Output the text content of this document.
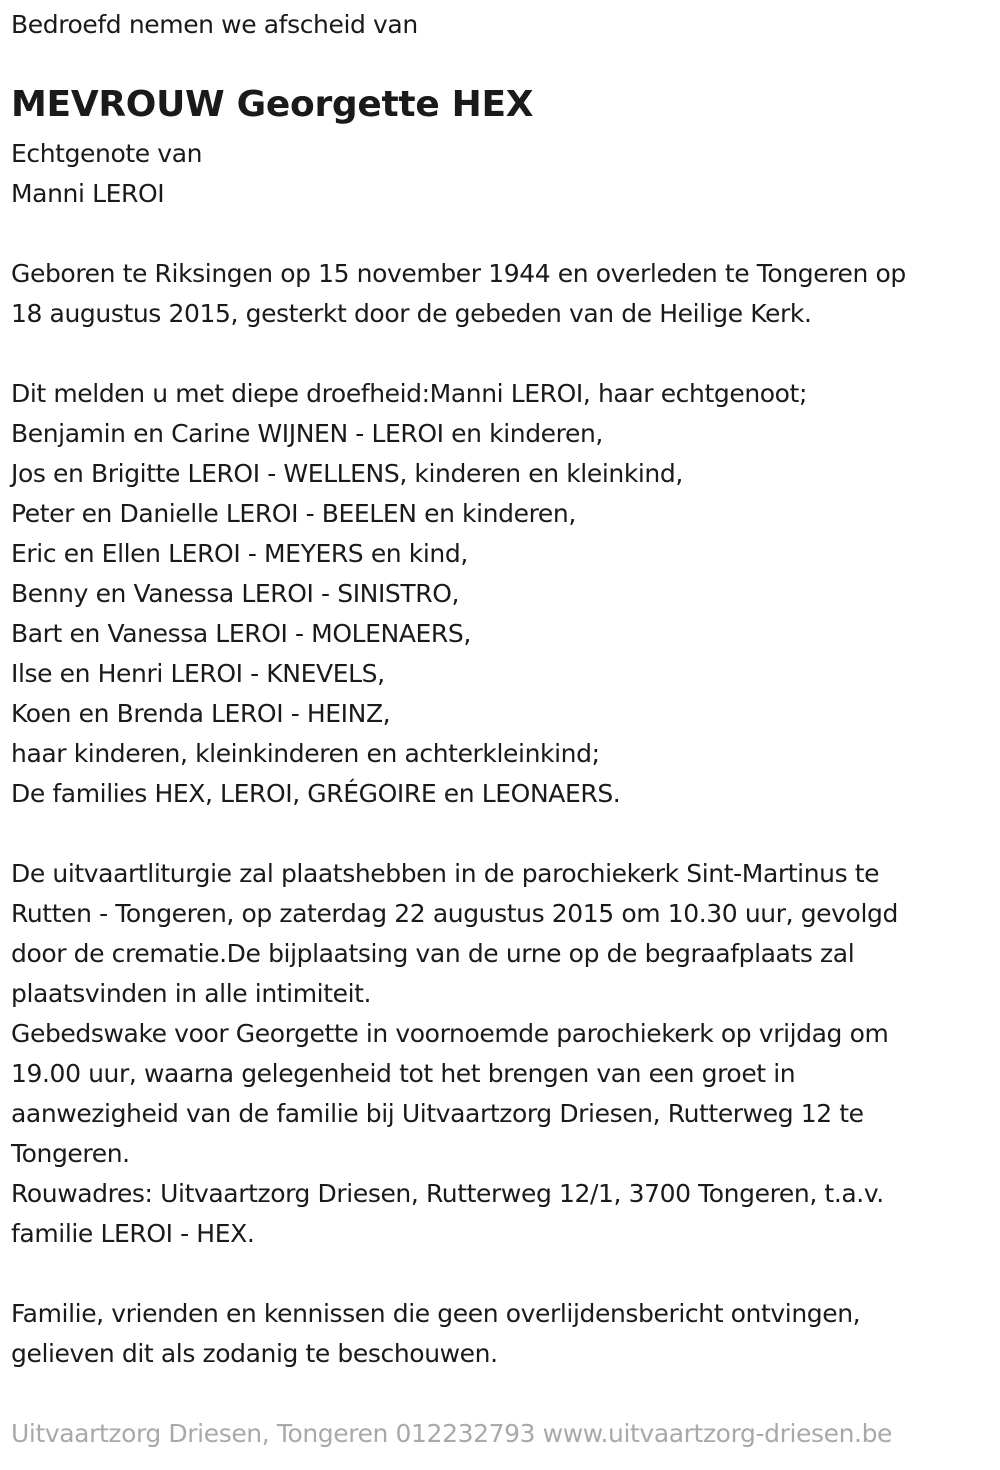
Bedroefd nemen we afscheid van
MEVROUW Georgette HEX
Echtgenote van
Manni LEROI
Geboren te Riksingen op 15 november 1944 en overleden te Tongeren op
18 augustus 2015, gesterkt door de gebeden van de Heilige Kerk.
Dit melden u met diepe droefheid:Manni LEROI, haar echtgenoot;
Benjamin en Carine WIJNEN - LEROI en kinderen,
Jos en Brigitte LEROI - WELLENS, kinderen en kleinkind,
Peter en Danielle LEROI - BEELEN en kinderen,
Eric en Ellen LEROI - MEYERS en kind,
Benny en Vanessa LEROI - SINISTRO,
Bart en Vanessa LEROI - MOLENAERS,
Ilse en Henri LEROI - KNEVELS,
Koen en Brenda LEROI - HEINZ,
haar kinderen, kleinkinderen en achterkleinkind;
De families HEX, LEROI, GRÉGOIRE en LEONAERS.
De uitvaartliturgie zal plaatshebben in de parochiekerk Sint-Martinus te
Rutten - Tongeren, op zaterdag 22 augustus 2015 om 10.30 uur, gevolgd
door de crematie.De bijplaatsing van de urne op de begraafplaats zal
plaatsvinden in alle intimiteit.
Gebedswake voor Georgette in voornoemde parochiekerk op vrijdag om
19.00 uur, waarna gelegenheid tot het brengen van een groet in
aanwezigheid van de familie bij Uitvaartzorg Driesen, Rutterweg 12 te
Tongeren.
Rouwadres: Uitvaartzorg Driesen, Rutterweg 12/1, 3700 Tongeren, t.a.v.
familie LEROI - HEX.
Familie, vrienden en kennissen die geen overlijdensbericht ontvingen,
gelieven dit als zodanig te beschouwen.
Uitvaartzorg Driesen, Tongeren 012232793 www.uitvaartzorg-driesen.be
